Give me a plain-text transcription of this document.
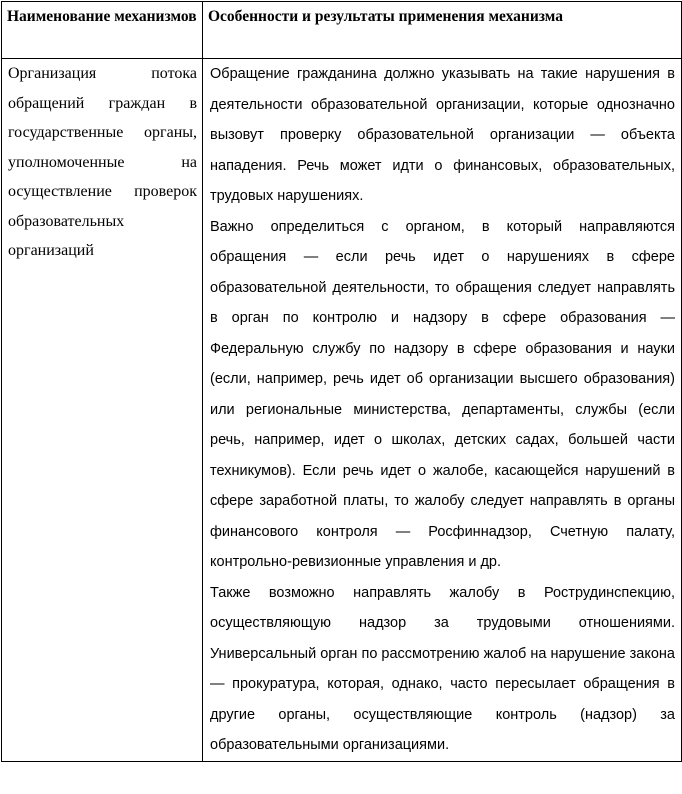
Наименование механизмов	Особенности и результаты применения механизма

Организация потока обращений граждан в государственные органы, уполномоченные на осуществление проверок образовательных организаций	Обращение гражданина должно указывать на такие нарушения в деятельности образовательной организации, которые однозначно вызовут проверку образовательной организации — объекта нападения. Речь может идти о финансовых, образовательных, трудовых нарушениях.

Важно определиться с органом, в который направляются обращения — если речь идет о нарушениях в сфере образовательной деятельности, то обращения следует направлять в орган по контролю и надзору в сфере образования — Федеральную службу по надзору в сфере образования и науки (если, например, речь идет об организации высшего образования) или региональные министерства, департаменты, службы (если речь, например, идет о школах, детских садах, большей части техникумов). Если речь идет о жалобе, касающейся нарушений в сфере заработной платы, то жалобу следует направлять в органы финансового контроля — Росфиннадзор, Счетную палату, контрольно-ревизионные управления и др.

Также возможно направлять жалобу в Рострудинспекцию, осуществляющую надзор за трудовыми отношениями. Универсальный орган по рассмотрению жалоб на нарушение закона — прокуратура, которая, однако, часто пересылает обращения в другие органы, осуществляющие контроль (надзор) за образовательными организациями.
